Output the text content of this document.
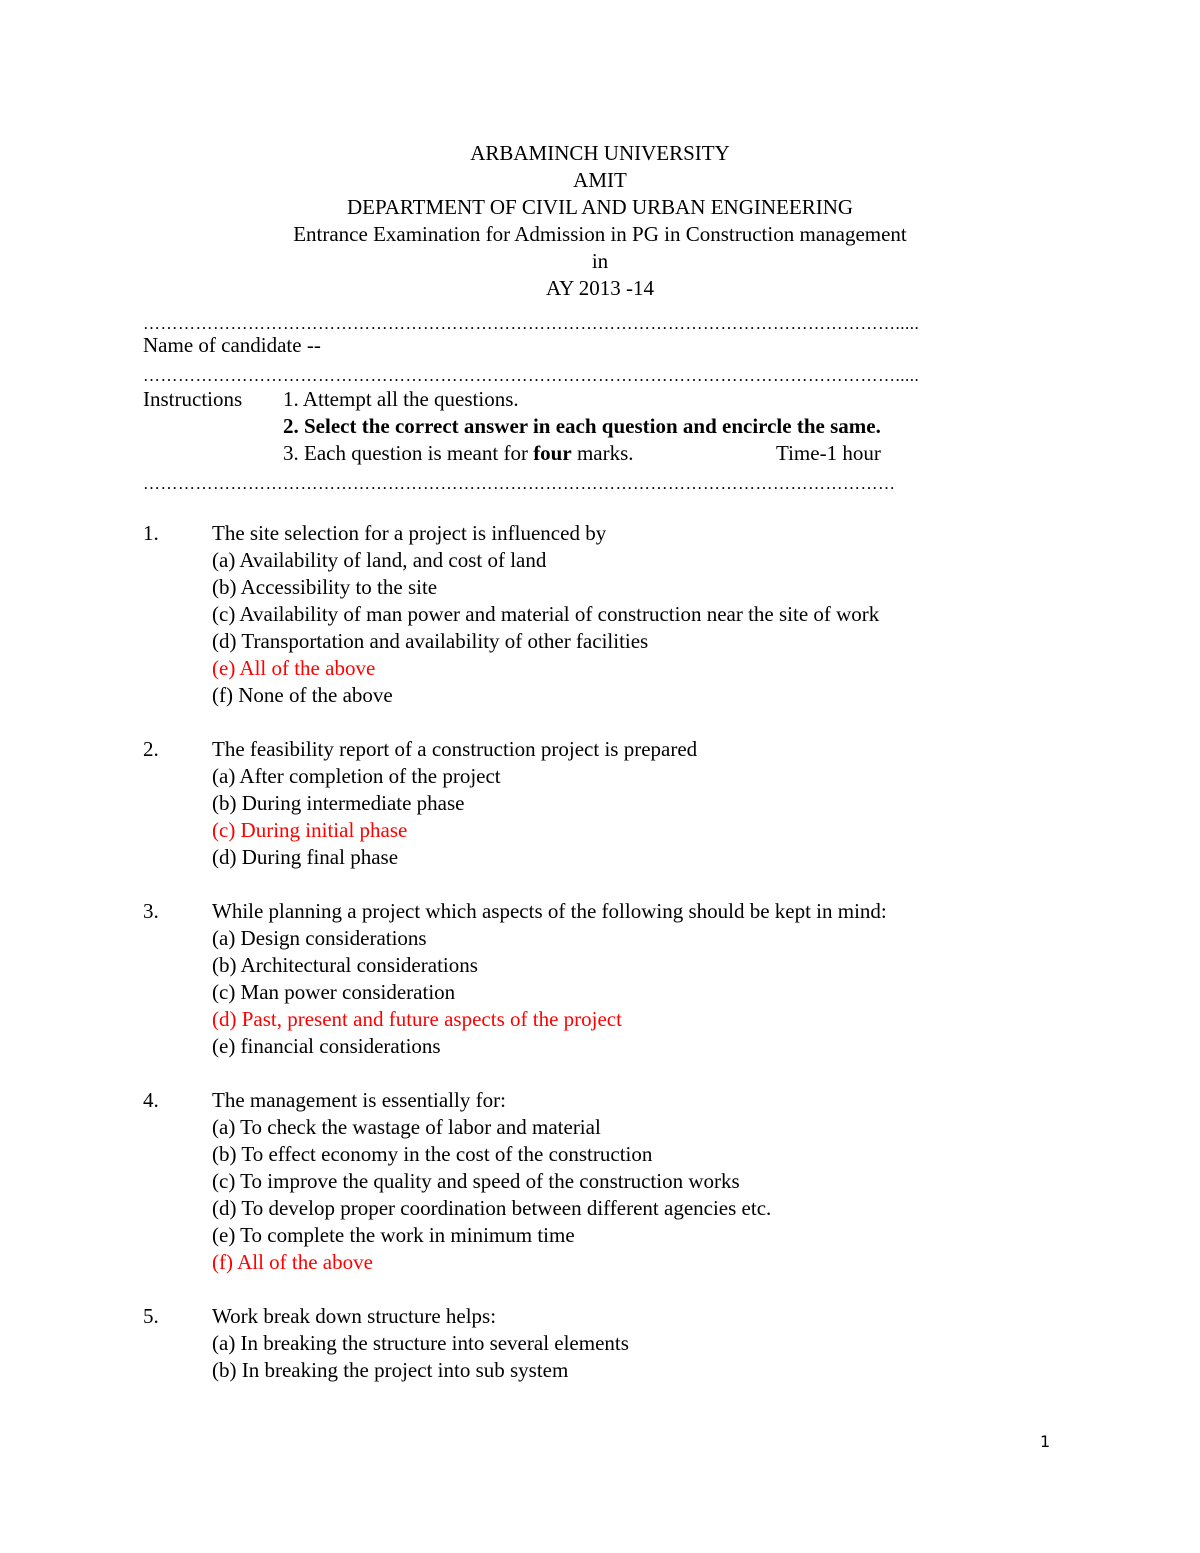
ARBAMINCH UNIVERSITY
AMIT
DEPARTMENT OF CIVIL AND URBAN ENGINEERING
Entrance Examination for Admission in PG in Construction management
in
AY 2013 -14
………………………………………………………………………………………………………………….....
Name of candidate --
………………………………………………………………………………………………………………….....
Instructions 1. Attempt all the questions.
2. Select the correct answer in each question and encircle the same.
3. Each question is meant for four marks.	Time-1 hour
…………………………………………………………………………………………………………………
1.	The site selection for a project is influenced by
(a) Availability of land, and cost of land
(b) Accessibility to the site
(c) Availability of man power and material of construction near the site of work
(d) Transportation and availability of other facilities
(e) All of the above
(f) None of the above
2.	The feasibility report of a construction project is prepared
(a) After completion of the project
(b) During intermediate phase
(c) During initial phase
(d) During final phase
3.	While planning a project which aspects of the following should be kept in mind:
(a) Design considerations
(b) Architectural considerations
(c) Man power consideration
(d) Past, present and future aspects of the project
(e) financial considerations
4.	The management is essentially for:
(a) To check the wastage of labor and material
(b) To effect economy in the cost of the construction
(c) To improve the quality and speed of the construction works
(d) To develop proper coordination between different agencies etc.
(e) To complete the work in minimum time
(f) All of the above
5.	Work break down structure helps:
(a) In breaking the structure into several elements
(b) In breaking the project into sub system
1
